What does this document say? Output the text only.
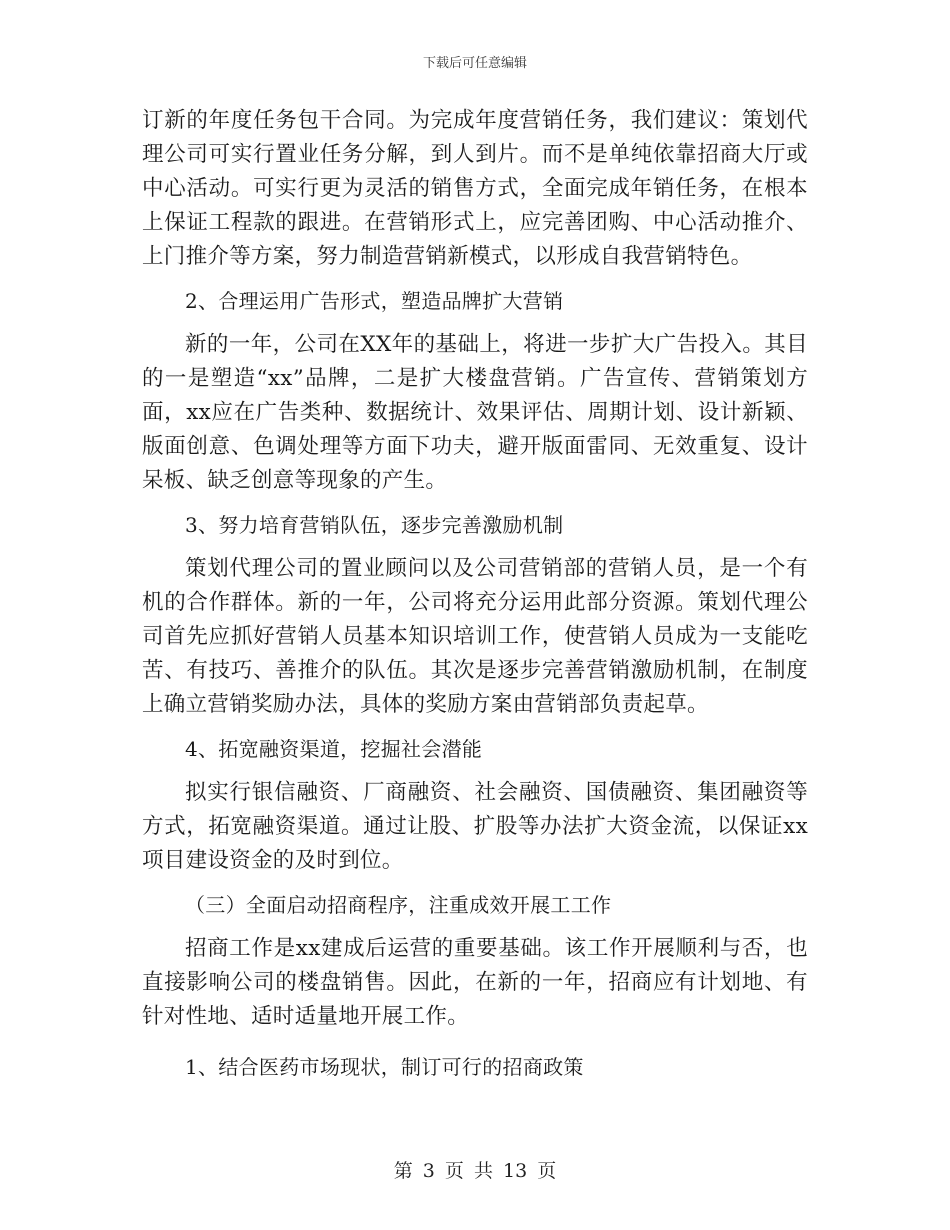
下载后可任意编辑

订新的年度任务包干合同。为完成年度营销任务，我们建议：策划代理公司可实行置业任务分解，到人到片。而不是单纯依靠招商大厅或中心活动。可实行更为灵活的销售方式，全面完成年销任务，在根本上保证工程款的跟进。在营销形式上，应完善团购、中心活动推介、上门推介等方案，努力制造营销新模式，以形成自我营销特色。

2、合理运用广告形式，塑造品牌扩大营销

新的一年，公司在XX年的基础上，将进一步扩大广告投入。其目的一是塑造“xx”品牌，二是扩大楼盘营销。广告宣传、营销策划方面，xx应在广告类种、数据统计、效果评估、周期计划、设计新颖、版面创意、色调处理等方面下功夫，避开版面雷同、无效重复、设计呆板、缺乏创意等现象的产生。

3、努力培育营销队伍，逐步完善激励机制

策划代理公司的置业顾问以及公司营销部的营销人员，是一个有机的合作群体。新的一年，公司将充分运用此部分资源。策划代理公司首先应抓好营销人员基本知识培训工作，使营销人员成为一支能吃苦、有技巧、善推介的队伍。其次是逐步完善营销激励机制，在制度上确立营销奖励办法，具体的奖励方案由营销部负责起草。

4、拓宽融资渠道，挖掘社会潜能

拟实行银信融资、厂商融资、社会融资、国债融资、集团融资等方式，拓宽融资渠道。通过让股、扩股等办法扩大资金流，以保证xx项目建设资金的及时到位。

（三）全面启动招商程序，注重成效开展工工作

招商工作是xx建成后运营的重要基础。该工作开展顺利与否，也直接影响公司的楼盘销售。因此，在新的一年，招商应有计划地、有针对性地、适时适量地开展工作。

1、结合医药市场现状，制订可行的招商政策

第 3 页 共 13 页
